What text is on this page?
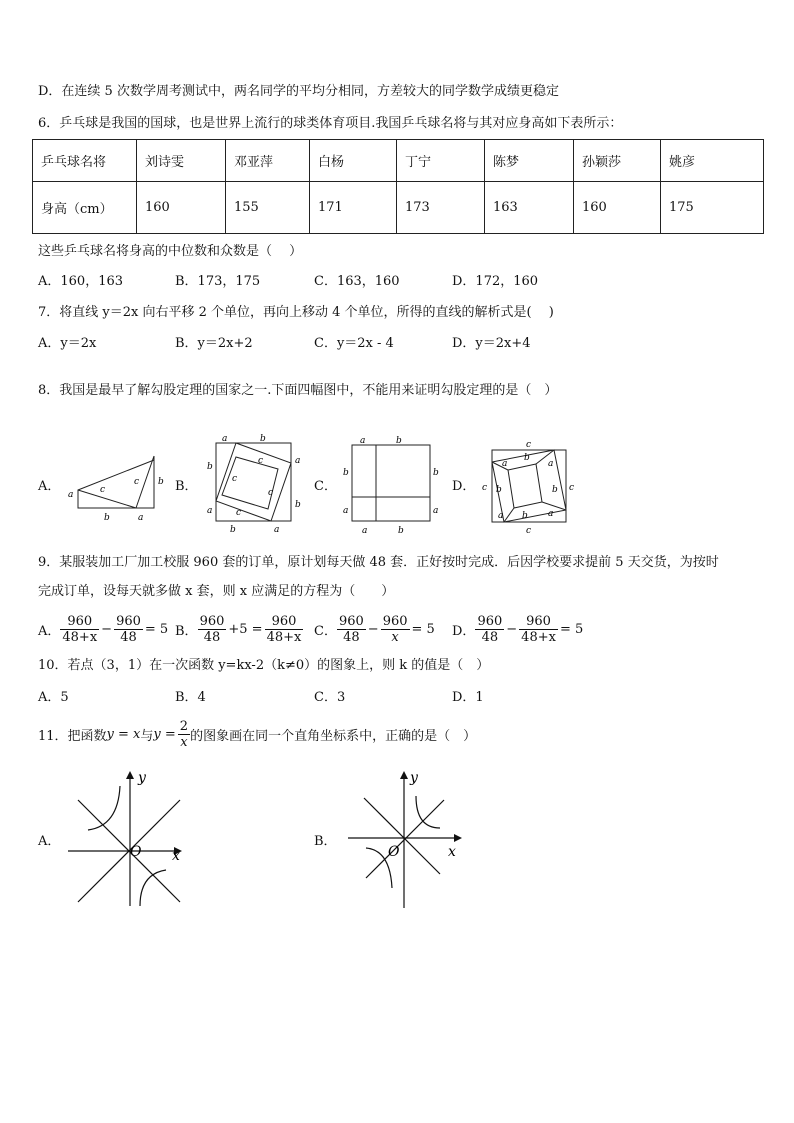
D．在连续 5 次数学周考测试中，两名同学的平均分相同，方差较大的同学数学成绩更稳定
6．乒乓球是我国的国球，也是世界上流行的球类体育项目.我国乒乓球名将与其对应身高如下表所示：
乒乓球名将	刘诗雯	邓亚萍	白杨	丁宁	陈梦	孙颖莎	姚彦
身高（cm）	160	155	171	173	163	160	175
这些乒乓球名将身高的中位数和众数是（　 ）
A．160，163	B．173，175	C．163，160	D．172，160
7．将直线 y＝2x 向右平移 2 个单位，再向上移动 4 个单位，所得的直线的解析式是(　 )
A．y＝2x	B．y＝2x+2	C．y＝2x - 4	D．y＝2x+4
8．我国是最早了解勾股定理的国家之一.下面四幅图中，不能用来证明勾股定理的是（　）
A．
a	c
c b
b	a
B．
a	b
b
a
a
b
b	a
c
c
c
c
C．
a	b
b
a
b
a
a	b
D．
c
c	c
c
a
b
a
b
b
a b a
9．某服装加工厂加工校服 960 套的订单，原计划每天做 48 套．正好按时完成．后因学校要求提前 5 天交货，为按时
完成订单，设每天就多做 x 套，则 x 应满足的方程为（　　）
A． $\frac{960}{48+x} - \frac{960}{48} = 5$ B． $\frac{960}{48} +5 = \frac{960}{48+x}$ C． $\frac{960}{48} - \frac{960}{x} = 5$ D． $\frac{960}{48} - \frac{960}{48+x} = 5$
10．若点（3，1）在一次函数 y=kx-2（k≠0）的图象上，则 k 的值是（　）
A．5	B．4	C．3	D．1
11．把函数 y = x 与 $y = \frac{2}{x}$ 的图象画在同一个直角坐标系中，正确的是（　）
A．
y
x
O
B．
y
x
O
